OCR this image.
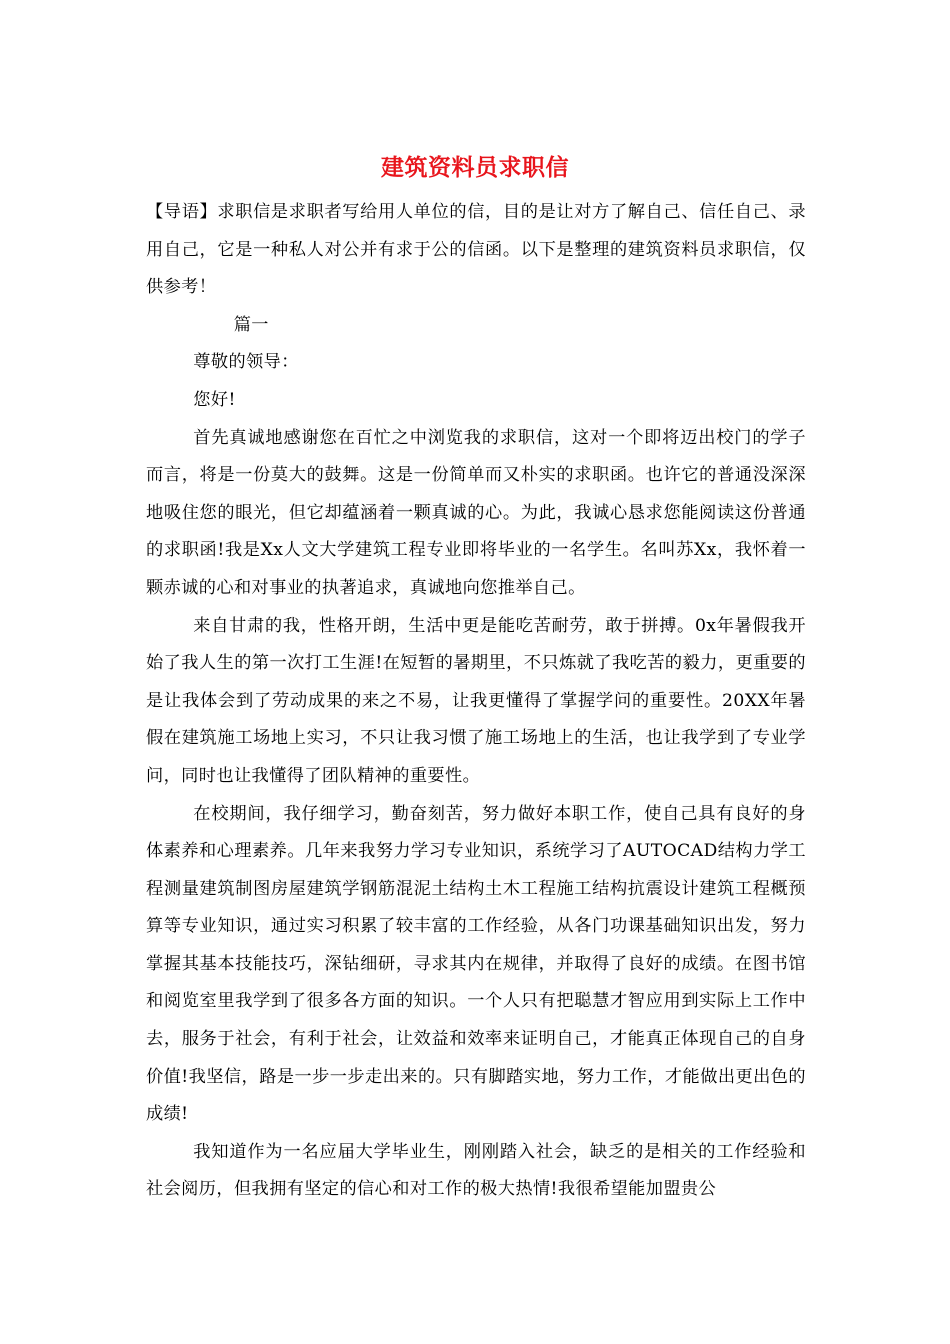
建筑资料员求职信

【导语】求职信是求职者写给用人单位的信，目的是让对方了解自己、信任自己、录用自己，它是一种私人对公并有求于公的信函。以下是整理的建筑资料员求职信，仅供参考！

篇一

尊敬的领导：

您好!

首先真诚地感谢您在百忙之中浏览我的求职信，这对一个即将迈出校门的学子而言，将是一份莫大的鼓舞。这是一份简单而又朴实的求职函。也许它的普通没深深地吸住您的眼光，但它却蕴涵着一颗真诚的心。为此，我诚心恳求您能阅读这份普通的求职函!我是Xx人文大学建筑工程专业即将毕业的一名学生。名叫苏Xx，我怀着一颗赤诚的心和对事业的执著追求，真诚地向您推举自己。

来自甘肃的我，性格开朗，生活中更是能吃苦耐劳，敢于拼搏。0x年暑假我开始了我人生的第一次打工生涯!在短暂的暑期里，不只炼就了我吃苦的毅力，更重要的是让我体会到了劳动成果的来之不易，让我更懂得了掌握学问的重要性。20XX年暑假在建筑施工场地上实习，不只让我习惯了施工场地上的生活，也让我学到了专业学问，同时也让我懂得了团队精神的重要性。

在校期间，我仔细学习，勤奋刻苦，努力做好本职工作，使自己具有良好的身体素养和心理素养。几年来我努力学习专业知识，系统学习了AUTOCAD结构力学工程测量建筑制图房屋建筑学钢筋混泥土结构土木工程施工结构抗震设计建筑工程概预算等专业知识，通过实习积累了较丰富的工作经验，从各门功课基础知识出发，努力掌握其基本技能技巧，深钻细研，寻求其内在规律，并取得了良好的成绩。在图书馆和阅览室里我学到了很多各方面的知识。一个人只有把聪慧才智应用到实际上工作中去，服务于社会，有利于社会，让效益和效率来证明自己，才能真正体现自己的自身价值!我坚信，路是一步一步走出来的。只有脚踏实地，努力工作，才能做出更出色的成绩!

我知道作为一名应届大学毕业生，刚刚踏入社会，缺乏的是相关的工作经验和社会阅历，但我拥有坚定的信心和对工作的极大热情!我很希望能加盟贵公
